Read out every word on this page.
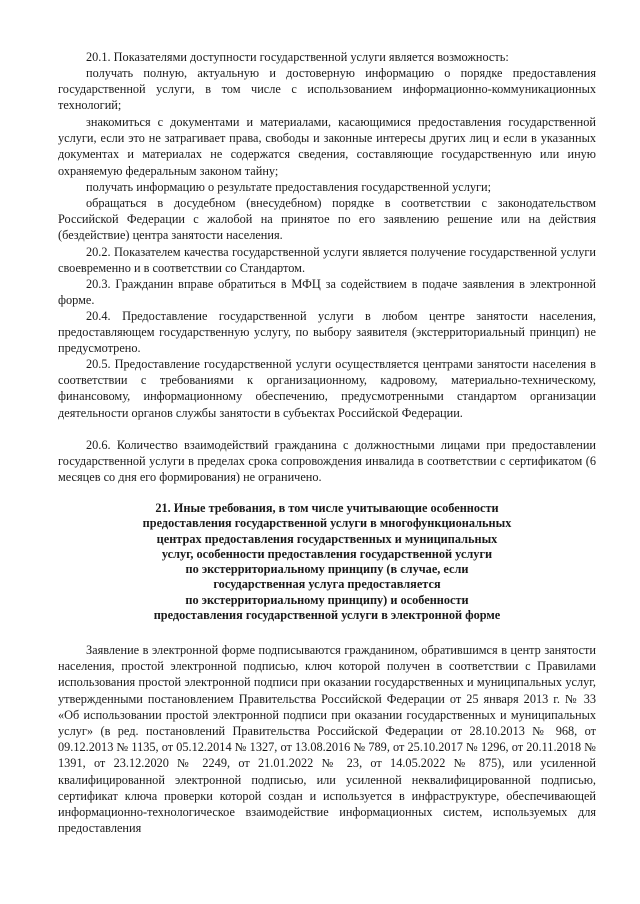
20.1. Показателями доступности государственной услуги является возможность:

получать полную, актуальную и достоверную информацию о порядке предоставления государственной услуги, в том числе с использованием информационно-коммуникационных технологий;

знакомиться с документами и материалами, касающимися предоставления государственной услуги, если это не затрагивает права, свободы и законные интересы других лиц и если в указанных документах и материалах не содержатся сведения, составляющие государственную или иную охраняемую федеральным законом тайну;

получать информацию о результате предоставления государственной услуги;

обращаться в досудебном (внесудебном) порядке в соответствии с законодательством Российской Федерации с жалобой на принятое по его заявлению решение или на действия (бездействие) центра занятости населения.

20.2. Показателем качества государственной услуги является получение государственной услуги своевременно и в соответствии со Стандартом.

20.3. Гражданин вправе обратиться в МФЦ за содействием в подаче заявления в электронной форме.

20.4. Предоставление государственной услуги в любом центре занятости населения, предоставляющем государственную услугу, по выбору заявителя (экстерриториальный принцип) не предусмотрено.

20.5. Предоставление государственной услуги осуществляется центрами занятости населения в соответствии с требованиями к организационному, кадровому, материально-техническому, финансовому, информационному обеспечению, предусмотренными стандартом организации деятельности органов службы занятости в субъектах Российской Федерации.

20.6. Количество взаимодействий гражданина с должностными лицами при предоставлении государственной услуги в пределах срока сопровождения инвалида в соответствии с сертификатом (6 месяцев со дня его формирования) не ограничено.

21. Иные требования, в том числе учитывающие особенности
предоставления государственной услуги в многофункциональных
центрах предоставления государственных и муниципальных
услуг, особенности предоставления государственной услуги
по экстерриториальному принципу (в случае, если
государственная услуга предоставляется
по экстерриториальному принципу) и особенности
предоставления государственной услуги в электронной форме

Заявление в электронной форме подписываются гражданином, обратившимся в центр занятости населения, простой электронной подписью, ключ которой получен в соответствии с Правилами использования простой электронной подписи при оказании государственных и муниципальных услуг, утвержденными постановлением Правительства Российской Федерации от 25 января 2013 г. № 33 «Об использовании простой электронной подписи при оказании государственных и муниципальных услуг» (в ред. постановлений Правительства Российской Федерации от 28.10.2013 № 968, от 09.12.2013 № 1135, от 05.12.2014 № 1327, от 13.08.2016 № 789, от 25.10.2017 № 1296, от 20.11.2018 № 1391, от 23.12.2020 № 2249, от 21.01.2022 № 23, от 14.05.2022 № 875), или усиленной квалифицированной электронной подписью, или усиленной неквалифицированной подписью, сертификат ключа проверки которой создан и используется в инфраструктуре, обеспечивающей информационно-технологическое взаимодействие информационных систем, используемых для предоставления
